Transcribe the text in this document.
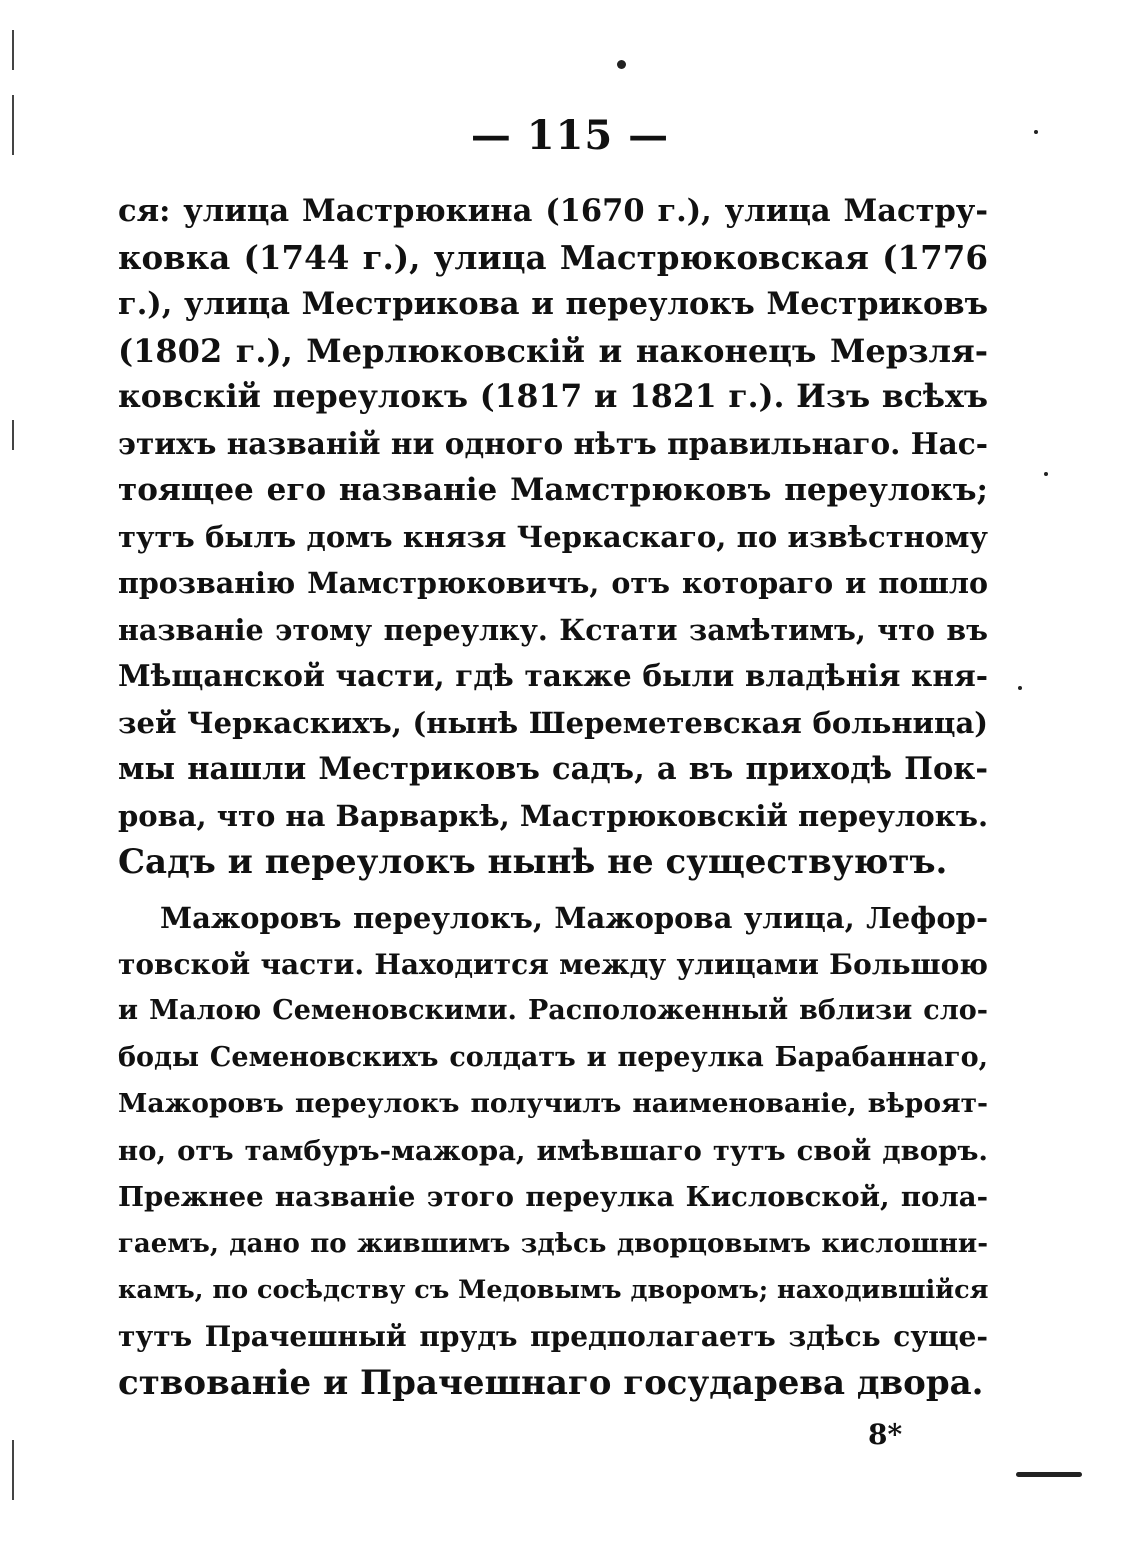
— 115 —
ся: улица Мастрюкина (1670 г.), улица Мастру-
ковка (1744 г.), улица Мастрюковская (1776
г.), улица Местрикова и переулокъ Местриковъ
(1802 г.), Мерлюковскій и наконецъ Мерзля-
ковскій переулокъ (1817 и 1821 г.). Изъ всѣхъ
этихъ названій ни одного нѣтъ правильнаго. Нас-
тоящее его названіе Мамстрюковъ переулокъ;
тутъ былъ домъ князя Черкаскаго, по извѣстному
прозванію Мамстрюковичъ, отъ котораго и пошло
названіе этому переулку. Кстати замѣтимъ, что въ
Мѣщанской части, гдѣ также были владѣнія кня-
зей Черкаскихъ, (нынѣ Шереметевская больница)
мы нашли Местриковъ садъ, а въ приходѣ Пок-
рова, что на Варваркѣ, Мастрюковскій переулокъ.
Садъ и переулокъ нынѣ не существуютъ.
Мажоровъ переулокъ, Мажорова улица, Лефор-
товской части. Находится между улицами Большою
и Малою Семеновскими. Расположенный вблизи сло-
боды Семеновскихъ солдатъ и переулка Барабаннаго,
Мажоровъ переулокъ получилъ наименованіе, вѣроят-
но, отъ тамбуръ-мажора, имѣвшаго тутъ свой дворъ.
Прежнее названіе этого переулка Кисловской, пола-
гаемъ, дано по жившимъ здѣсь дворцовымъ кислошни-
камъ, по сосѣдству съ Медовымъ дворомъ; находившійся
тутъ Прачешный прудъ предполагаетъ здѣсь суще-
ствованіе и Прачешнаго государева двора.
8*
